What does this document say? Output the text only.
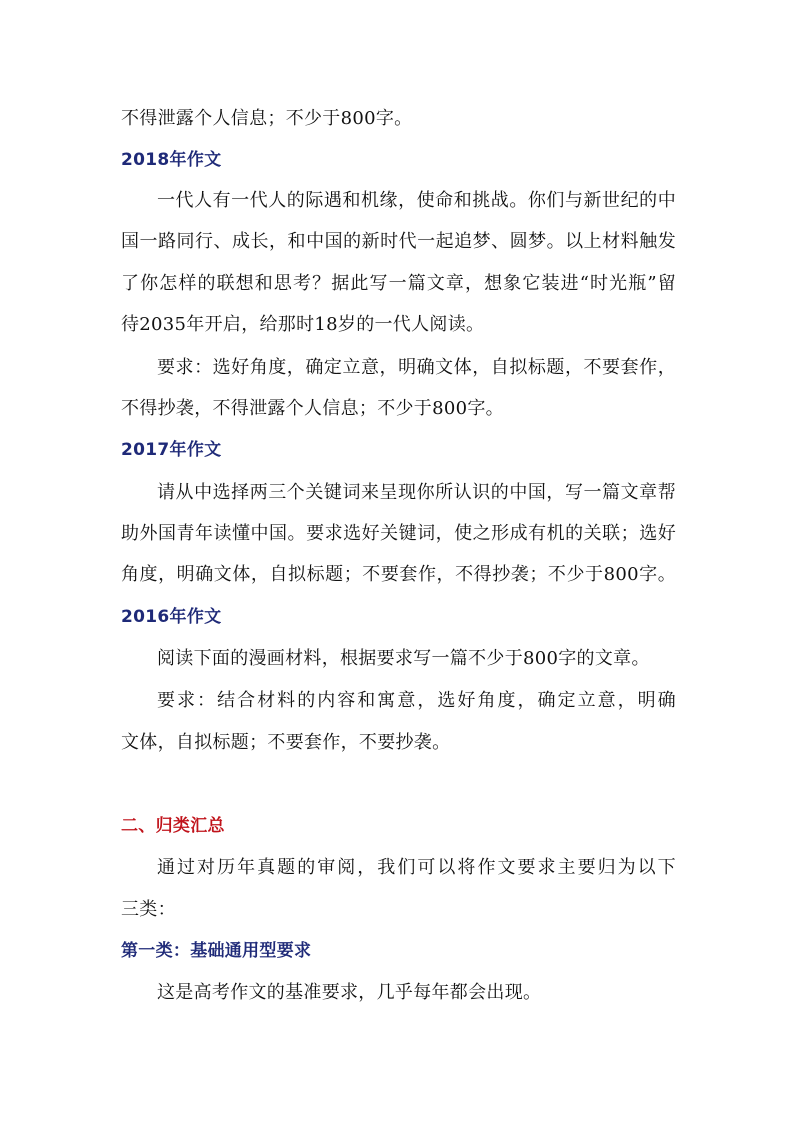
不得泄露个人信息；不少于800字。
2018年作文
一代人有一代人的际遇和机缘，使命和挑战。你们与新世纪的中
国一路同行、成长，和中国的新时代一起追梦、圆梦。以上材料触发
了你怎样的联想和思考？据此写一篇文章，想象它装进“时光瓶”留
待2035年开启，给那时18岁的一代人阅读。
要求：选好角度，确定立意，明确文体，自拟标题，不要套作，
不得抄袭，不得泄露个人信息；不少于800字。
2017年作文
请从中选择两三个关键词来呈现你所认识的中国，写一篇文章帮
助外国青年读懂中国。要求选好关键词，使之形成有机的关联；选好
角度，明确文体，自拟标题；不要套作，不得抄袭；不少于800字。
2016年作文
阅读下面的漫画材料，根据要求写一篇不少于800字的文章。
要求：结合材料的内容和寓意，选好角度，确定立意，明确
文体，自拟标题；不要套作，不要抄袭。
二、归类汇总
通过对历年真题的审阅，我们可以将作文要求主要归为以下
三类：
第一类：基础通用型要求
这是高考作文的基准要求，几乎每年都会出现。
